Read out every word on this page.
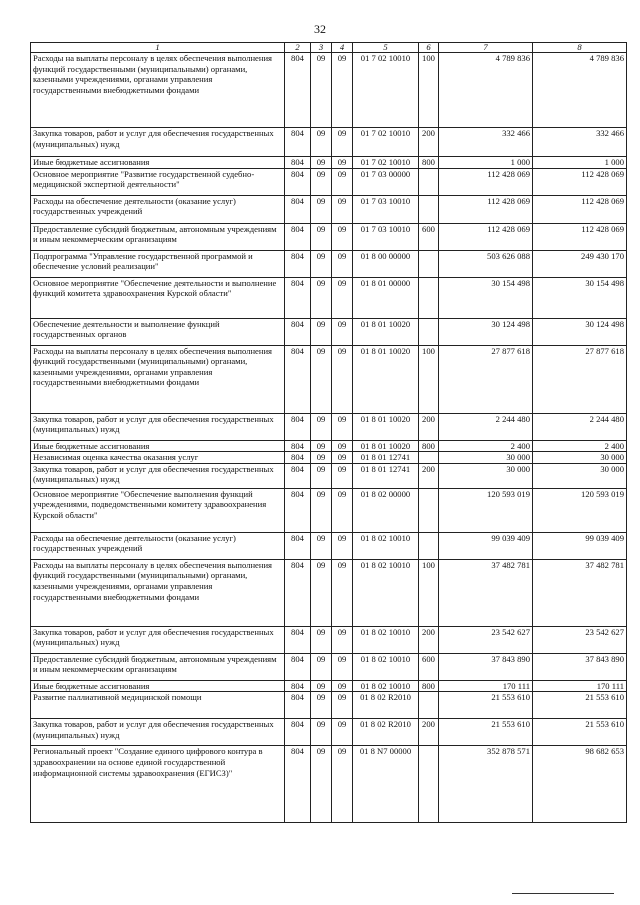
32
1	2	3	4	5	6	7	8
Расходы на выплаты персоналу в целях обеспечения выполнения функций государственными (муниципальными) органами, казенными учреждениями, органами управления государственными внебюджетными фондами	804	09	09	01 7 02 10010	100	4 789 836	4 789 836
Закупка товаров, работ и услуг для обеспечения государственных (муниципальных) нужд	804	09	09	01 7 02 10010	200	332 466	332 466
Иные бюджетные ассигнования	804	09	09	01 7 02 10010	800	1 000	1 000
Основное мероприятие "Развитие государственной судебно-медицинской экспертной деятельности"	804	09	09	01 7 03 00000		112 428 069	112 428 069
Расходы на обеспечение деятельности (оказание услуг) государственных учреждений	804	09	09	01 7 03 10010		112 428 069	112 428 069
Предоставление субсидий бюджетным, автономным учреждениям и иным некоммерческим организациям	804	09	09	01 7 03 10010	600	112 428 069	112 428 069
Подпрограмма "Управление государственной программой и обеспечение условий реализации"	804	09	09	01 8 00 00000		503 626 088	249 430 170
Основное мероприятие "Обеспечение деятельности и выполнение функций комитета здравоохранения Курской области"	804	09	09	01 8 01 00000		30 154 498	30 154 498
Обеспечение деятельности и выполнение функций государственных органов	804	09	09	01 8 01 10020		30 124 498	30 124 498
Расходы на выплаты персоналу в целях обеспечения выполнения функций государственными (муниципальными) органами, казенными учреждениями, органами управления государственными внебюджетными фондами	804	09	09	01 8 01 10020	100	27 877 618	27 877 618
Закупка товаров, работ и услуг для обеспечения государственных (муниципальных) нужд	804	09	09	01 8 01 10020	200	2 244 480	2 244 480
Иные бюджетные ассигнования	804	09	09	01 8 01 10020	800	2 400	2 400
Независимая оценка качества оказания услуг	804	09	09	01 8 01 12741		30 000	30 000
Закупка товаров, работ и услуг для обеспечения государственных (муниципальных) нужд	804	09	09	01 8 01 12741	200	30 000	30 000
Основное мероприятие "Обеспечение выполнения функций учреждениями, подведомственными комитету здравоохранения Курской области"	804	09	09	01 8 02 00000		120 593 019	120 593 019
Расходы на обеспечение деятельности (оказание услуг) государственных учреждений	804	09	09	01 8 02 10010		99 039 409	99 039 409
Расходы на выплаты персоналу в целях обеспечения выполнения функций государственными (муниципальными) органами, казенными учреждениями, органами управления государственными внебюджетными фондами	804	09	09	01 8 02 10010	100	37 482 781	37 482 781
Закупка товаров, работ и услуг для обеспечения государственных (муниципальных) нужд	804	09	09	01 8 02 10010	200	23 542 627	23 542 627
Предоставление субсидий бюджетным, автономным учреждениям и иным некоммерческим организациям	804	09	09	01 8 02 10010	600	37 843 890	37 843 890
Иные бюджетные ассигнования	804	09	09	01 8 02 10010	800	170 111	170 111
Развитие паллиативной медицинской помощи	804	09	09	01 8 02 R2010		21 553 610	21 553 610
Закупка товаров, работ и услуг для обеспечения государственных (муниципальных) нужд	804	09	09	01 8 02 R2010	200	21 553 610	21 553 610
Региональный проект "Создание единого цифрового контура в здравоохранении на основе единой государственной информационной системы здравоохранения (ЕГИСЗ)"	804	09	09	01 8 N7 00000		352 878 571	98 682 653
